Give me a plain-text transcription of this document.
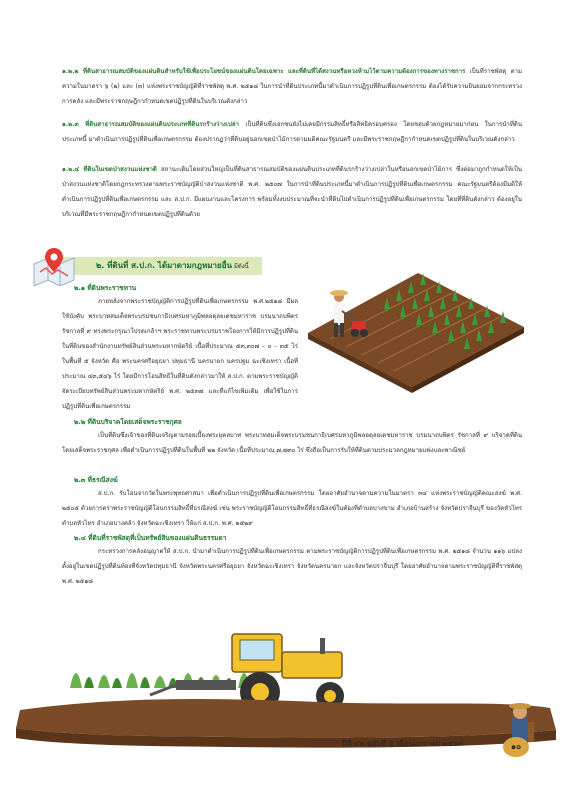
๑.๒.๒ ที่ดินสาธารณสมบัติของแผ่นดินสำหรับใช้เพื่อประโยชน์ของแผ่นดินโดยเฉพาะ และที่ดินที่ได้สงวนหรือหวงห้ามไว้ตามความต้องการของทางราชการ เป็นที่ราชพัสดุ ตามความในมาตรา ๖ (๒) และ (๓) แห่งพระราชบัญญัติที่ราชพัสดุ พ.ศ. ๒๕๑๘ ในการนำที่ดินประเภทนี้มาดำเนินการปฏิรูปที่ดินเพื่อเกษตรกรรม ต้องได้รับความยินยอมจากกระทรวงการคลัง และมีพระราชกฤษฎีกากำหนดเขตปฏิรูปที่ดินในบริเวณดังกล่าว
๑.๒.๓ ที่ดินสาธารณสมบัติของแผ่นดินประเภทที่ดินรกร้างว่างเปล่า เป็นที่ดินซึ่งเอกชนยังไม่เคยมีกรรมสิทธิ์หรือสิทธิครอบครอง โดยชอบด้วยกฎหมายมาก่อน ในการนำที่ดินประเภทนี้ มาดำเนินการปฏิรูปที่ดินเพื่อเกษตรกรรม ต้องปรากฏว่าที่ดินอยู่นอกเขตป่าไม้การตามมติคณะรัฐมนตรี และมีพระราชกฤษฎีกากำหนดเขตปฏิรูปที่ดินในบริเวณดังกล่าว
๑.๒.๔ ที่ดินในเขตป่าสงวนแห่งชาติ สถานะเดิมโดยส่วนใหญ่เป็นที่ดินสาธารณสมบัติของแผ่นดินประเภทที่ดินรกร้างว่างเปล่าในหรือนอกเขตป่าไม้การ ซึ่งต่อมาถูกกำหนดให้เป็นป่าสงวนแห่งชาติโดยกฎกระทรวงตามพระราชบัญญัติป่าสงวนแห่งชาติ พ.ศ. ๒๕๐๗ ในการนำที่ดินประเภทนี้มาดำเนินการปฏิรูปที่ดินเพื่อเกษตรกรรม คณะรัฐมนตรีต้องมีมติให้ดำเนินการปฏิรูปที่ดินเพื่อเกษตรกรรม และ ส.ป.ก. มีแผนงานและโครงการ พร้อมทั้งงบประมาณที่จะนำที่ดินไปดำเนินการปฏิรูปที่ดินเพื่อเกษตรกรรม โดยที่ที่ดินดังกล่าว ต้องอยู่ในบริเวณที่มีพระราชกฤษฎีกากำหนดเขตปฏิรูปที่ดินด้วย
๒. ที่ดินที่ ส.ป.ก. ได้มาตามกฎหมายอื่น มีดังนี้
๒.๑ ที่ดินพระราชทาน
ภายหลังจากพระราชบัญญัติการปฏิรูปที่ดินเพื่อเกษตรกรรม พ.ศ.๒๕๑๘ มีผลใช้บังคับ พระบาทสมเด็จพระบรมชนกาธิเบศรมหาภูมิพลอดุลยเดชมหาราช บรมนาถบพิตร รัชกาลที่ ๙ ทรงพระกรุณาโปรดเกล้าฯ พระราชทานพระบรมราชโองการให้มีการปฏิรูปที่ดินในที่ดินของสำนักงานทรัพย์สินส่วนพระมหากษัตริย์ เนื้อที่ประมาณ ๕๓,๓๐๗ - ๐ - ๓๕ ไร่ ในพื้นที่ ๕ จังหวัด คือ พระนครศรีอยุธยา ปทุมธานี นครนายก นครปฐม ฉะเชิงเทรา เนื้อที่ประมาณ ๔๓,๕๔๖ ไร่ โดยมีการโอนสิทธิในที่ดินดังกล่าวมาให้ ส.ป.ก. ตามพระราชบัญญัติจัดระเบียบทรัพย์สินส่วนพระมหากษัตริย์ พ.ศ. ๒๕๓๗ และที่แก้ไขเพิ่มเติม เพื่อใช้ในการปฏิรูปที่ดินเพื่อเกษตรกรรม
๒.๒ ที่ดินบริจาคโดยเสด็จพระราชกุศล
เป็นที่ดินซึ่งเจ้าของที่ดินเจริญตามรอยเบื้องพระยุคลบาท พระบาทสมเด็จพระบรมชนกาธิเบศรมหาภูมิพลอดุลยเดชมหาราช บรมนาถบพิตร รัชกาลที่ ๙ บริจาคที่ดิน โดยเสด็จพระราชกุศล เพื่อดำเนินการปฏิรูปที่ดินในพื้นที่ ๒๒ จังหวัด เนื้อที่ประมาณ ๗,๗๓๐ ไร่ ซึ่งถือเป็นการรับให้ที่ดินตามประมวลกฎหมายแพ่งและพาณิชย์
๒.๓ ที่ธรณีสงฆ์
ส.ป.ก. รับโอนจากวัดในพระพุทธศาสนา เพื่อดำเนินการปฏิรูปที่ดินเพื่อเกษตรกรรม โดยอาศัยอำนาจตามความในมาตรา ๓๔ แห่งพระราชบัญญัติคณะสงฆ์ พ.ศ. ๒๕๐๕ ด้วยการตราพระราชบัญญัติโอนกรรมสิทธิ์ที่ธรณีสงฆ์ เช่น พระราชบัญญัติโอนกรรมสิทธิ์ที่ธรณีสงฆ์ในท้องที่ตำบลบางขาม อำเภอบ้านสร้าง จังหวัดปราจีนบุรี ของวัดหัวไทร ตำบลหัวไทร อำเภอบางคล้า จังหวัดฉะเชิงเทรา ให้แก่ ส.ป.ก. พ.ศ. ๒๕๒๙
๒.๔ ที่ดินที่ราชพัสดุที่เป็นทรัพย์สินของแผ่นดินธรรมดา
กระทรวงการคลังอนุญาตให้ ส.ป.ก. นำมาดำเนินการปฏิรูปที่ดินเพื่อเกษตรกรรม ตามพระราชบัญญัติการปฏิรูปที่ดินเพื่อเกษตรกรรม พ.ศ. ๒๕๑๘ จำนวน ๑๑๖ แปลง ตั้งอยู่ในเขตปฏิรูปที่ดินท้องที่จังหวัดปทุมธานี จังหวัดพระนครศรีอยุธยา จังหวัดฉะเชิงเทรา จังหวัดนครนายก และจังหวัดปราจีนบุรี โดยอาศัยอำนาจตามพระราชบัญญัติที่ราชพัสดุ พ.ศ. ๒๕๑๘
ปีที่ ๔๒ ฉบับที่ ๔ เดือนมกราคม ๒๕๖๓	๑๐
